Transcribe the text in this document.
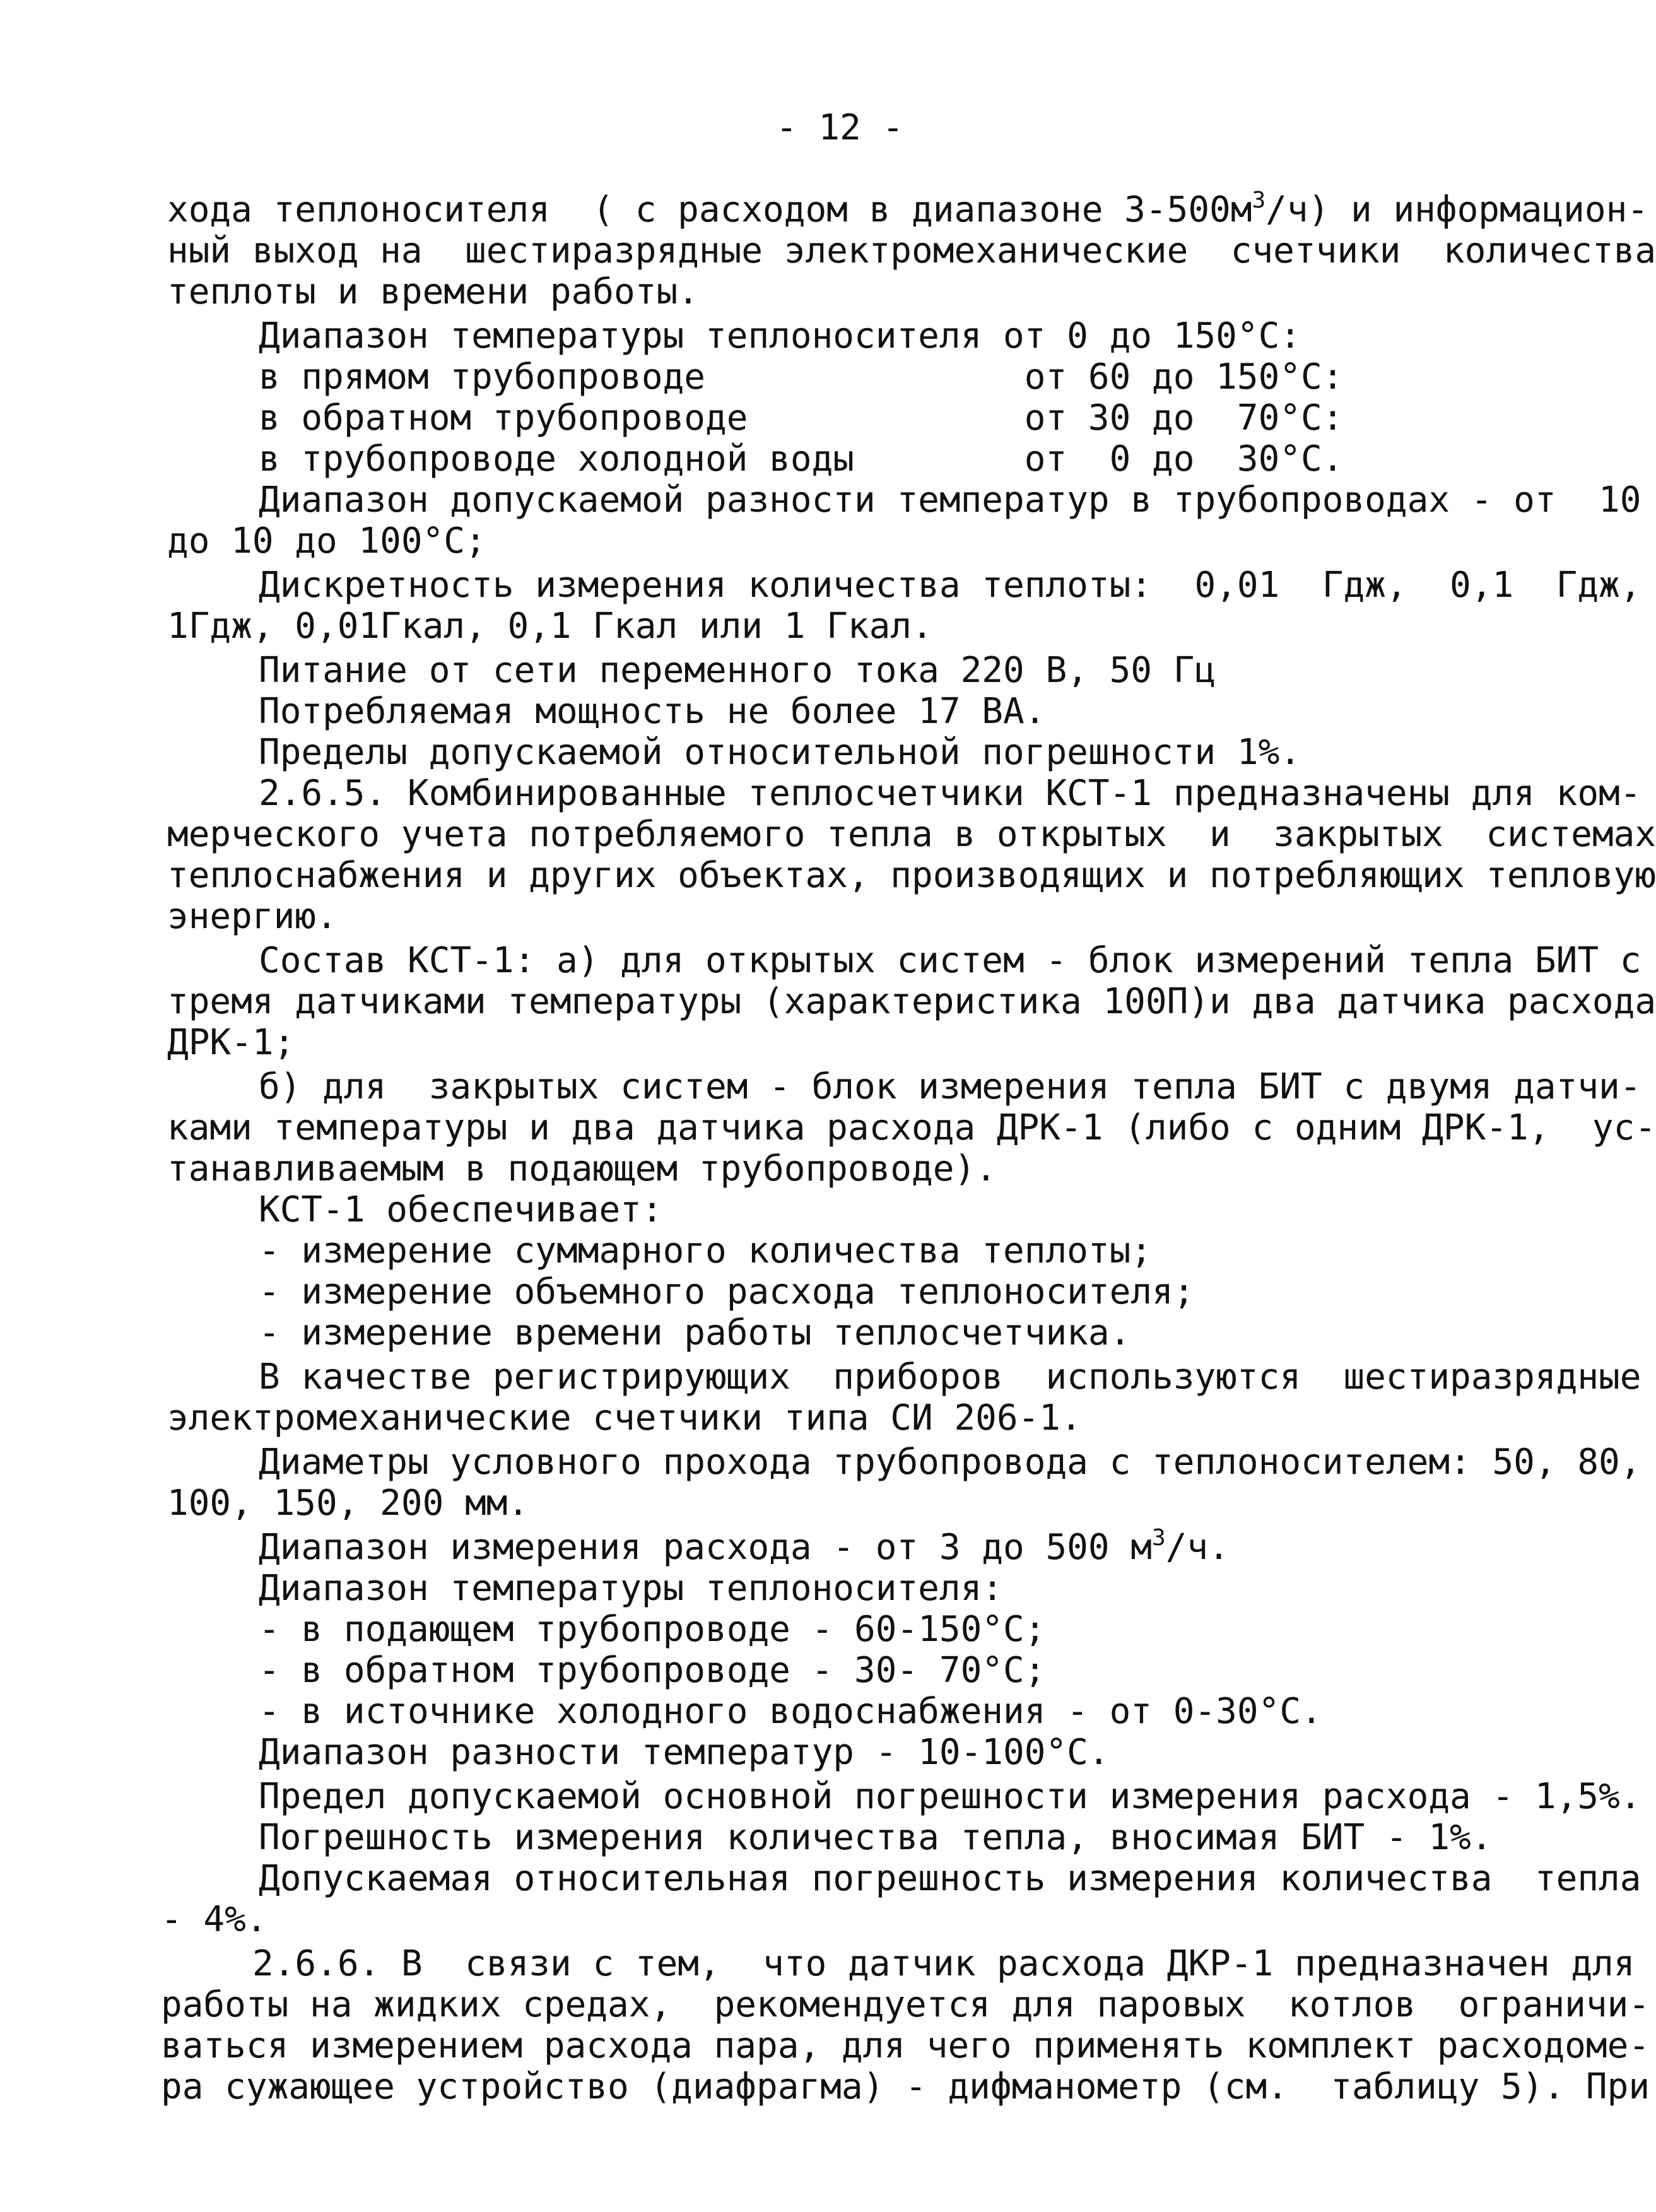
- 12 -
хода теплоносителя  ( с расходом в диапазоне $3-500м^3/ч$) и информацион-
ный выход на  шестиразрядные электромеханические  счетчики  количества
теплоты и времени работы.
Диапазон температуры теплоносителя от 0 до 150°С:
в прямом трубопроводе               от 60 до 150°С:
в обратном трубопроводе             от 30 до  70°С:
в трубопроводе холодной воды        от  0 до  30°С.
Диапазон допускаемой разности температур в трубопроводах - от  10
до 10 до 100°С;
Дискретность измерения количества теплоты:  0,01  Гдж,  0,1  Гдж,
1Гдж, 0,01Гкал, 0,1 Гкал или 1 Гкал.
Питание от сети переменного тока 220 В, 50 Гц
Потребляемая мощность не более 17 ВА.
Пределы допускаемой относительной погрешности 1%.
2.6.5. Комбинированные теплосчетчики КСТ-1 предназначены для ком-
мерческого учета потребляемого тепла в открытых  и  закрытых  системах
теплоснабжения и других объектах, производящих и потребляющих тепловую
энергию.
Состав КСТ-1: а) для открытых систем - блок измерений тепла БИТ с
тремя датчиками температуры (характеристика 100П)и два датчика расхода
ДРК-1;
б) для  закрытых систем - блок измерения тепла БИТ с двумя датчи-
ками температуры и два датчика расхода ДРК-1 (либо с одним ДРК-1,  ус-
танавливаемым в подающем трубопроводе).
КСТ-1 обеспечивает:
- измерение суммарного количества теплоты;
- измерение объемного расхода теплоносителя;
- измерение времени работы теплосчетчика.
В качестве регистрирующих  приборов  используются  шестиразрядные
электромеханические счетчики типа СИ 206-1.
Диаметры условного прохода трубопровода с теплоносителем: 50, 80,
100, 150, 200 мм.
Диапазон измерения расхода - от 3 до 500 $м^3/ч$.
Диапазон температуры теплоносителя:
- в подающем трубопроводе - 60-150°С;
- в обратном трубопроводе - 30- 70°С;
- в источнике холодного водоснабжения - от 0-30°С.
Диапазон разности температур - 10-100°С.
Предел допускаемой основной погрешности измерения расхода - 1,5%.
Погрешность измерения количества тепла, вносимая БИТ - 1%.
Допускаемая относительная погрешность измерения количества  тепла
- 4%.
2.6.6. В  связи с тем,  что датчик расхода ДКР-1 предназначен для
работы на жидких средах,  рекомендуется для паровых  котлов  ограничи-
ваться измерением расхода пара, для чего применять комплект расходоме-
ра сужающее устройство (диафрагма) - дифманометр (см.  таблицу 5). При
